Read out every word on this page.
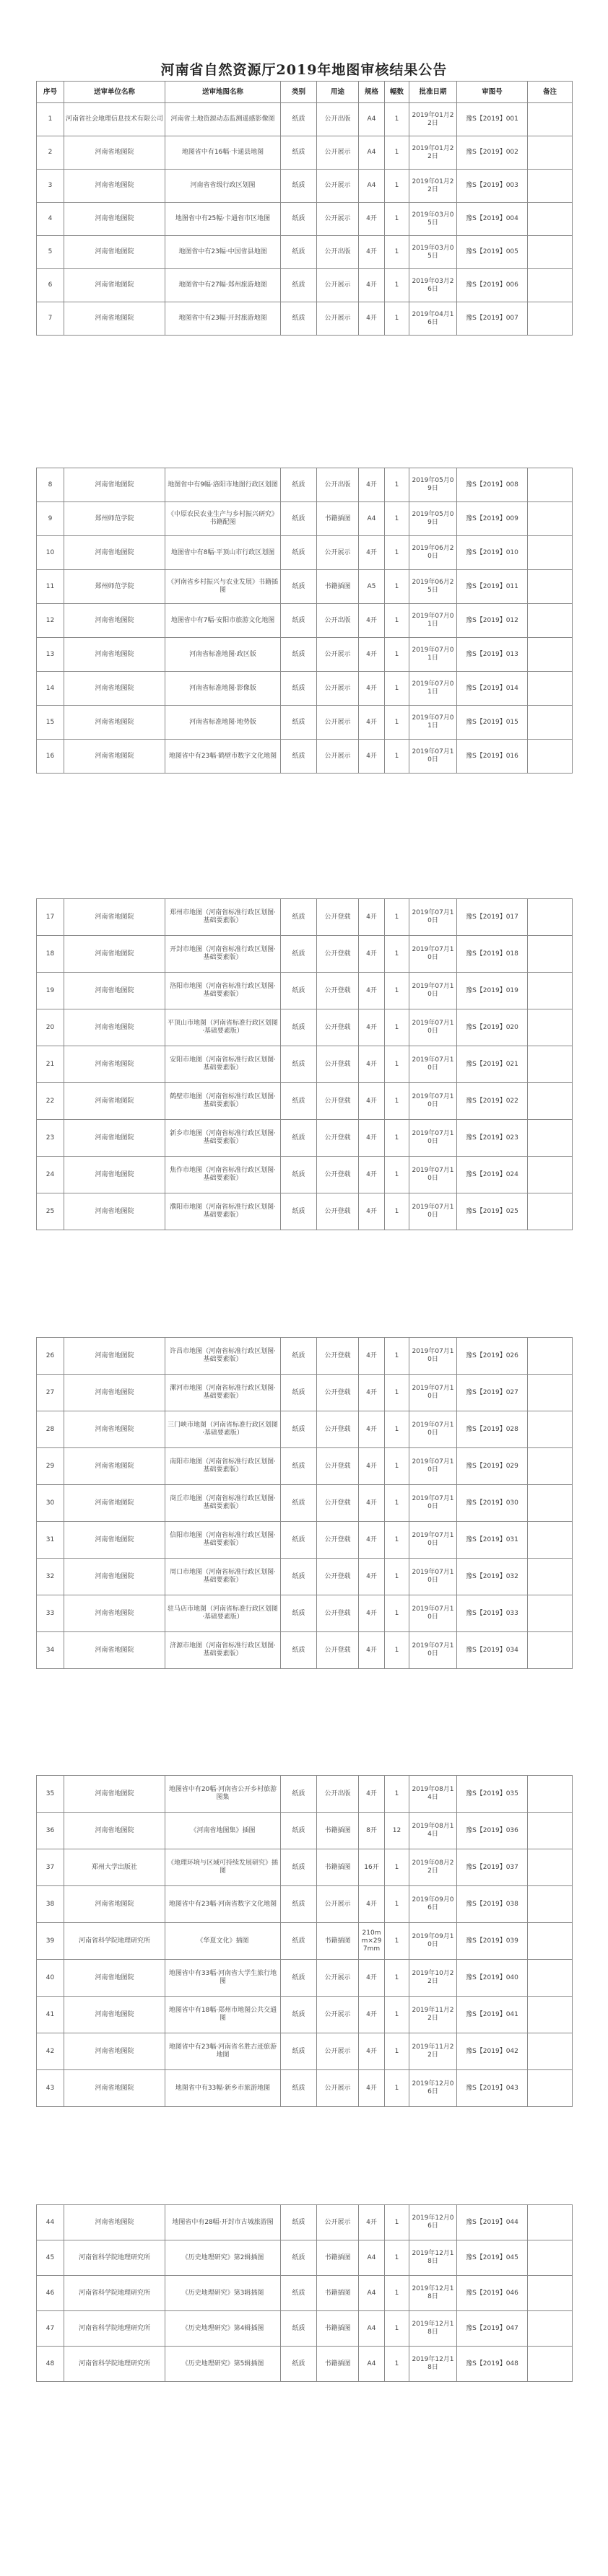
河南省自然资源厅2019年地图审核结果公告
序号	送审单位名称	送审地图名称	类别	用途	规格	幅数	批准日期	审图号	备注
1	河南省社会地理信息技术有限公司	河南省土地资源动态监测遥感影像图	纸质	公开出版	A4	1	2019年01月22日	豫S【2019】001	
2	河南省地图院	地图省中有16幅·卡通县地图	纸质	公开展示	A4	1	2019年01月22日	豫S【2019】002	
3	河南省地图院	河南省省级行政区划图	纸质	公开展示	A4	1	2019年01月22日	豫S【2019】003	
4	河南省地图院	地图省中有25幅·卡通省市区地图	纸质	公开展示	4开	1	2019年03月05日	豫S【2019】004	
5	河南省地图院	地图省中有23幅·中国省县地图	纸质	公开出版	4开	1	2019年03月05日	豫S【2019】005	
6	河南省地图院	地图省中有27幅·郑州旅游地图	纸质	公开展示	4开	1	2019年03月26日	豫S【2019】006	
7	河南省地图院	地图省中有23幅·开封旅游地图	纸质	公开展示	4开	1	2019年04月16日	豫S【2019】007	
8	河南省地图院	地图省中有9幅·洛阳市地图行政区划图	纸质	公开出版	4开	1	2019年05月09日	豫S【2019】008	
9	郑州师范学院	《中原农民农业生产与乡村振兴研究》书籍配图	纸质	书籍插图	A4	1	2019年05月09日	豫S【2019】009	
10	河南省地图院	地图省中有8幅·平顶山市行政区划图	纸质	公开展示	4开	1	2019年06月20日	豫S【2019】010	
11	郑州师范学院	《河南省乡村振兴与农业发展》书籍插图	纸质	书籍插图	A5	1	2019年06月25日	豫S【2019】011	
12	河南省地图院	地图省中有7幅·安阳市旅游文化地图	纸质	公开出版	4开	1	2019年07月01日	豫S【2019】012	
13	河南省地图院	河南省标准地图·政区版	纸质	公开展示	4开	1	2019年07月01日	豫S【2019】013	
14	河南省地图院	河南省标准地图·影像版	纸质	公开展示	4开	1	2019年07月01日	豫S【2019】014	
15	河南省地图院	河南省标准地图·地势版	纸质	公开展示	4开	1	2019年07月01日	豫S【2019】015	
16	河南省地图院	地图省中有23幅·鹤壁市数字文化地图	纸质	公开展示	4开	1	2019年07月10日	豫S【2019】016	
17	河南省地图院	郑州市地图（河南省标准行政区划图·基础要素版）	纸质	公开登载	4开	1	2019年07月10日	豫S【2019】017	
18	河南省地图院	开封市地图（河南省标准行政区划图·基础要素版）	纸质	公开登载	4开	1	2019年07月10日	豫S【2019】018	
19	河南省地图院	洛阳市地图（河南省标准行政区划图·基础要素版）	纸质	公开登载	4开	1	2019年07月10日	豫S【2019】019	
20	河南省地图院	平顶山市地图（河南省标准行政区划图·基础要素版）	纸质	公开登载	4开	1	2019年07月10日	豫S【2019】020	
21	河南省地图院	安阳市地图（河南省标准行政区划图·基础要素版）	纸质	公开登载	4开	1	2019年07月10日	豫S【2019】021	
22	河南省地图院	鹤壁市地图（河南省标准行政区划图·基础要素版）	纸质	公开登载	4开	1	2019年07月10日	豫S【2019】022	
23	河南省地图院	新乡市地图（河南省标准行政区划图·基础要素版）	纸质	公开登载	4开	1	2019年07月10日	豫S【2019】023	
24	河南省地图院	焦作市地图（河南省标准行政区划图·基础要素版）	纸质	公开登载	4开	1	2019年07月10日	豫S【2019】024	
25	河南省地图院	濮阳市地图（河南省标准行政区划图·基础要素版）	纸质	公开登载	4开	1	2019年07月10日	豫S【2019】025	
26	河南省地图院	许昌市地图（河南省标准行政区划图·基础要素版）	纸质	公开登载	4开	1	2019年07月10日	豫S【2019】026	
27	河南省地图院	漯河市地图（河南省标准行政区划图·基础要素版）	纸质	公开登载	4开	1	2019年07月10日	豫S【2019】027	
28	河南省地图院	三门峡市地图（河南省标准行政区划图·基础要素版）	纸质	公开登载	4开	1	2019年07月10日	豫S【2019】028	
29	河南省地图院	南阳市地图（河南省标准行政区划图·基础要素版）	纸质	公开登载	4开	1	2019年07月10日	豫S【2019】029	
30	河南省地图院	商丘市地图（河南省标准行政区划图·基础要素版）	纸质	公开登载	4开	1	2019年07月10日	豫S【2019】030	
31	河南省地图院	信阳市地图（河南省标准行政区划图·基础要素版）	纸质	公开登载	4开	1	2019年07月10日	豫S【2019】031	
32	河南省地图院	周口市地图（河南省标准行政区划图·基础要素版）	纸质	公开登载	4开	1	2019年07月10日	豫S【2019】032	
33	河南省地图院	驻马店市地图（河南省标准行政区划图·基础要素版）	纸质	公开登载	4开	1	2019年07月10日	豫S【2019】033	
34	河南省地图院	济源市地图（河南省标准行政区划图·基础要素版）	纸质	公开登载	4开	1	2019年07月10日	豫S【2019】034	
35	河南省地图院	地图省中有20幅·河南省公开乡村旅游图集	纸质	公开出版	4开	1	2019年08月14日	豫S【2019】035	
36	河南省地图院	《河南省地图集》插图	纸质	书籍插图	8开	12	2019年08月14日	豫S【2019】036	
37	郑州大学出版社	《地理环境与区域可持续发展研究》插图	纸质	书籍插图	16开	1	2019年08月22日	豫S【2019】037	
38	河南省地图院	地图省中有23幅·河南省数字文化地图	纸质	公开展示	4开	1	2019年09月06日	豫S【2019】038	
39	河南省科学院地理研究所	《华夏文化》插图	纸质	书籍插图	210mm×297mm	1	2019年09月10日	豫S【2019】039	
40	河南省地图院	地图省中有33幅·河南省大学生旅行地图	纸质	公开展示	4开	1	2019年10月22日	豫S【2019】040	
41	河南省地图院	地图省中有18幅·郑州市地图公共交通图	纸质	公开展示	4开	1	2019年11月22日	豫S【2019】041	
42	河南省地图院	地图省中有23幅·河南省名胜古迹旅游地图	纸质	公开展示	4开	1	2019年11月22日	豫S【2019】042	
43	河南省地图院	地图省中有33幅·新乡市旅游地图	纸质	公开展示	4开	1	2019年12月06日	豫S【2019】043	
44	河南省地图院	地图省中有28幅·开封市古城旅游图	纸质	公开展示	4开	1	2019年12月06日	豫S【2019】044	
45	河南省科学院地理研究所	《历史地理研究》第2辑插图	纸质	书籍插图	A4	1	2019年12月18日	豫S【2019】045	
46	河南省科学院地理研究所	《历史地理研究》第3辑插图	纸质	书籍插图	A4	1	2019年12月18日	豫S【2019】046	
47	河南省科学院地理研究所	《历史地理研究》第4辑插图	纸质	书籍插图	A4	1	2019年12月18日	豫S【2019】047	
48	河南省科学院地理研究所	《历史地理研究》第5辑插图	纸质	书籍插图	A4	1	2019年12月18日	豫S【2019】048	
